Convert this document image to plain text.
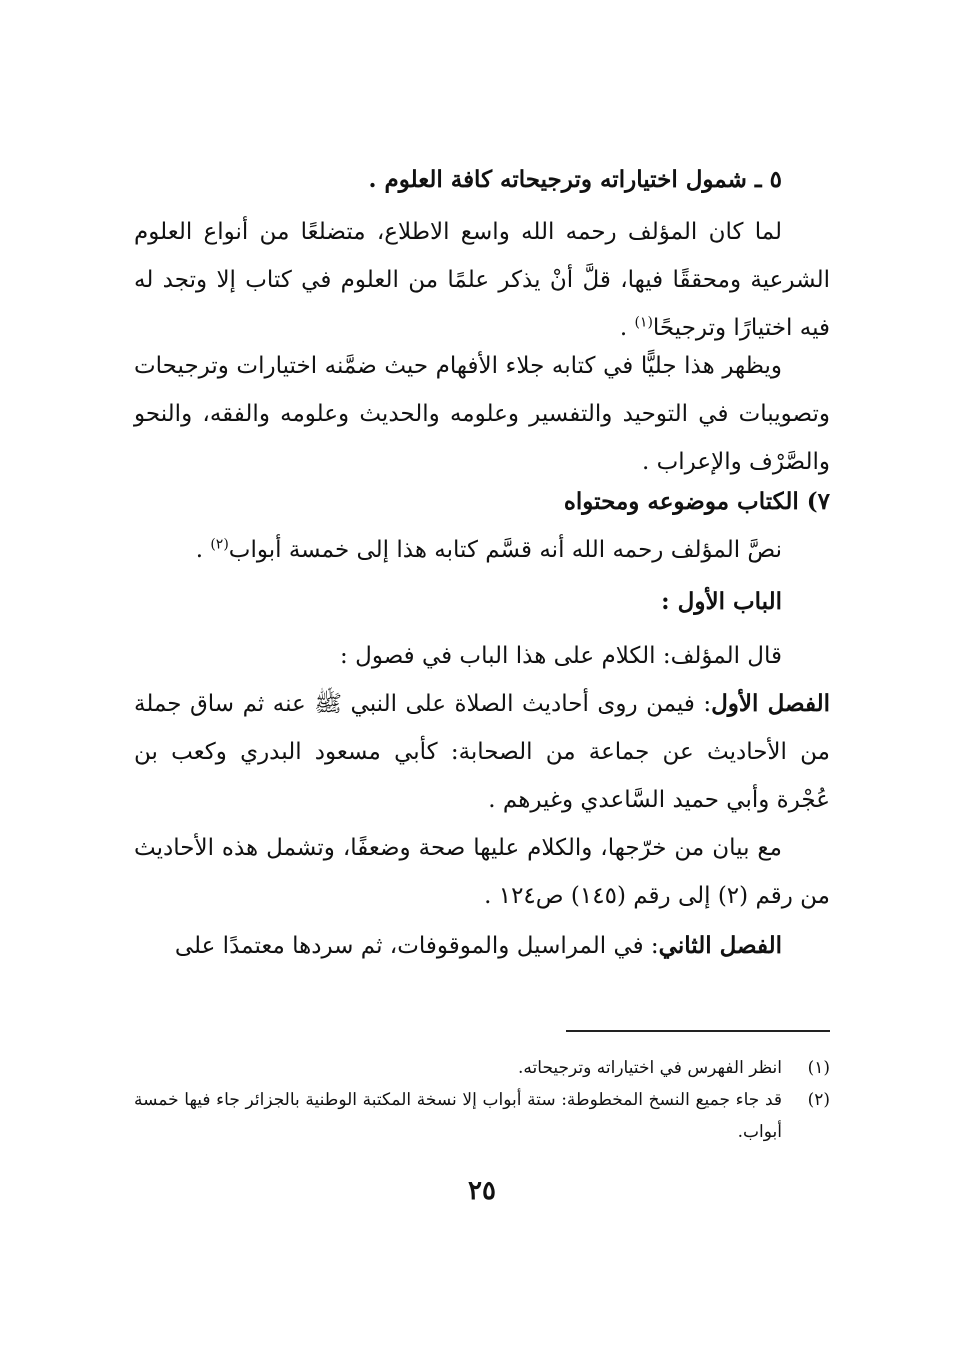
٥ ـ شمول اختياراته وترجيحاته كافة العلوم .
لما كان المؤلف رحمه الله واسع الاطلاع، متضلعًا من أنواع العلوم الشرعية ومحققًا فيها، قلَّ أنْ يذكر علمًا من العلوم في كتاب إلا وتجد له فيه اختيارًا وترجيحًا$^{(١)}$ .
ويظهر هذا جليًّا في كتابه جلاء الأفهام حيث ضمَّنه اختيارات وترجيحات وتصويبات في التوحيد والتفسير وعلومه والحديث وعلومه والفقه، والنحو والصَّرْف والإعراب .
٧) الكتاب موضوعه ومحتواه
نصَّ المؤلف رحمه الله أنه قسَّم كتابه هذا إلى خمسة أبواب$^{(٢)}$ .
الباب الأول :
قال المؤلف: الكلام على هذا الباب في فصول :
الفصل الأول: فيمن روى أحاديث الصلاة على النبي ﷺ عنه ثم ساق جملة من الأحاديث عن جماعة من الصحابة: كأبي مسعود البدري وكعب بن عُجْرة وأبي حميد السَّاعدي وغيرهم .
مع بيان من خرّجها، والكلام عليها صحة وضعفًا، وتشمل هذه الأحاديث من رقم (٢) إلى رقم (١٤٥) ص١٢٤ .
الفصل الثاني: في المراسيل والموقوفات، ثم سردها معتمدًا على
(١)
انظر الفهرس في اختياراته وترجيحاته.
(٢)
قد جاء جميع النسخ المخطوطة: ستة أبواب إلا نسخة المكتبة الوطنية بالجزائر جاء فيها خمسة أبواب.
٢٥
